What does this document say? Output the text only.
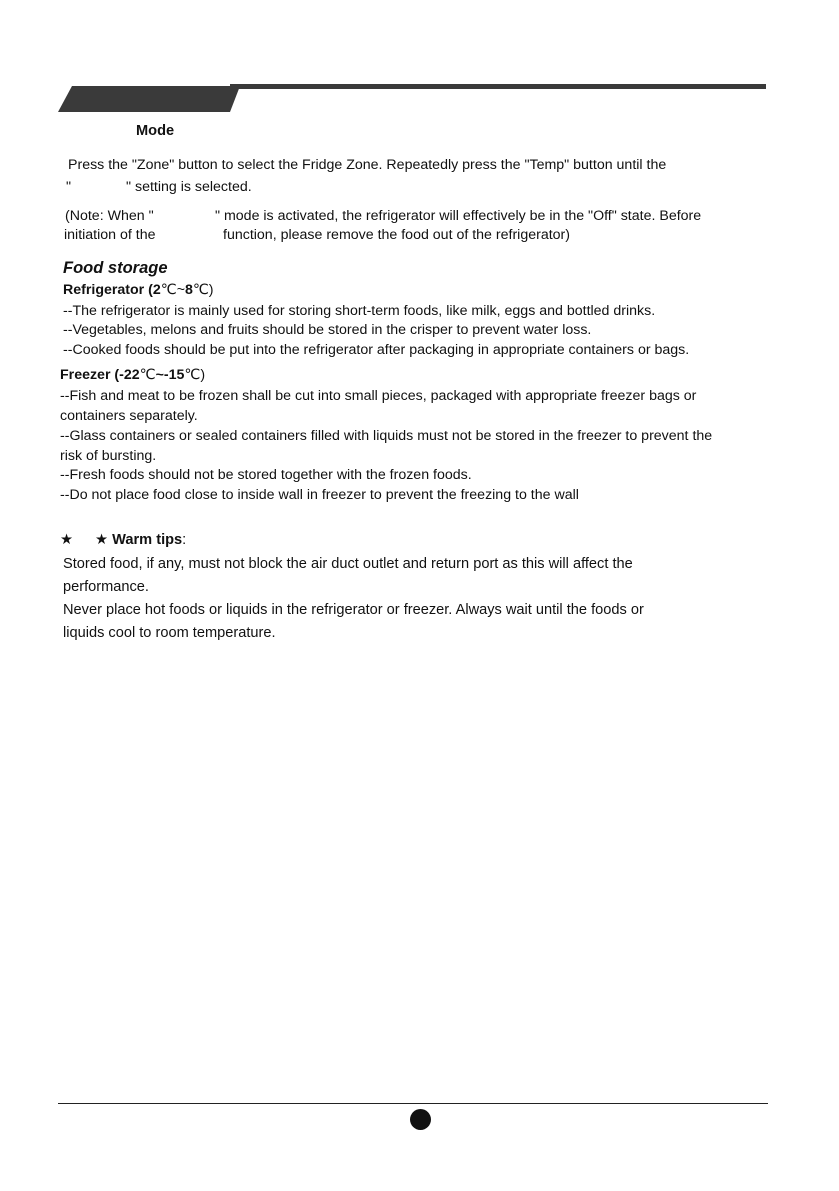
Mode
Press the "Zone" button to select the Fridge Zone. Repeatedly press the "Temp" button until the
"	" setting is selected.
(Note: When "	" mode is activated, the refrigerator will effectively be in the "Off" state. Before
initiation of the	function, please remove the food out of the refrigerator)
Food storage
Refrigerator (2℃~8℃)
--The refrigerator is mainly used for storing short-term foods, like milk, eggs and bottled drinks.
--Vegetables, melons and fruits should be stored in the crisper to prevent water loss.
--Cooked foods should be put into the refrigerator after packaging in appropriate containers or bags.
Freezer (-22℃~-15℃)
--Fish and meat to be frozen shall be cut into small pieces, packaged with appropriate freezer bags or
containers separately.
--Glass containers or sealed containers filled with liquids must not be stored in the freezer to prevent the
risk of bursting.
--Fresh foods should not be stored together with the frozen foods.
--Do not place food close to inside wall in freezer to prevent the freezing to the wall
★ ★ Warm tips:
Stored food, if any, must not block the air duct outlet and return port as this will affect the
performance.
Never place hot foods or liquids in the refrigerator or freezer. Always wait until the foods or
liquids cool to room temperature.
